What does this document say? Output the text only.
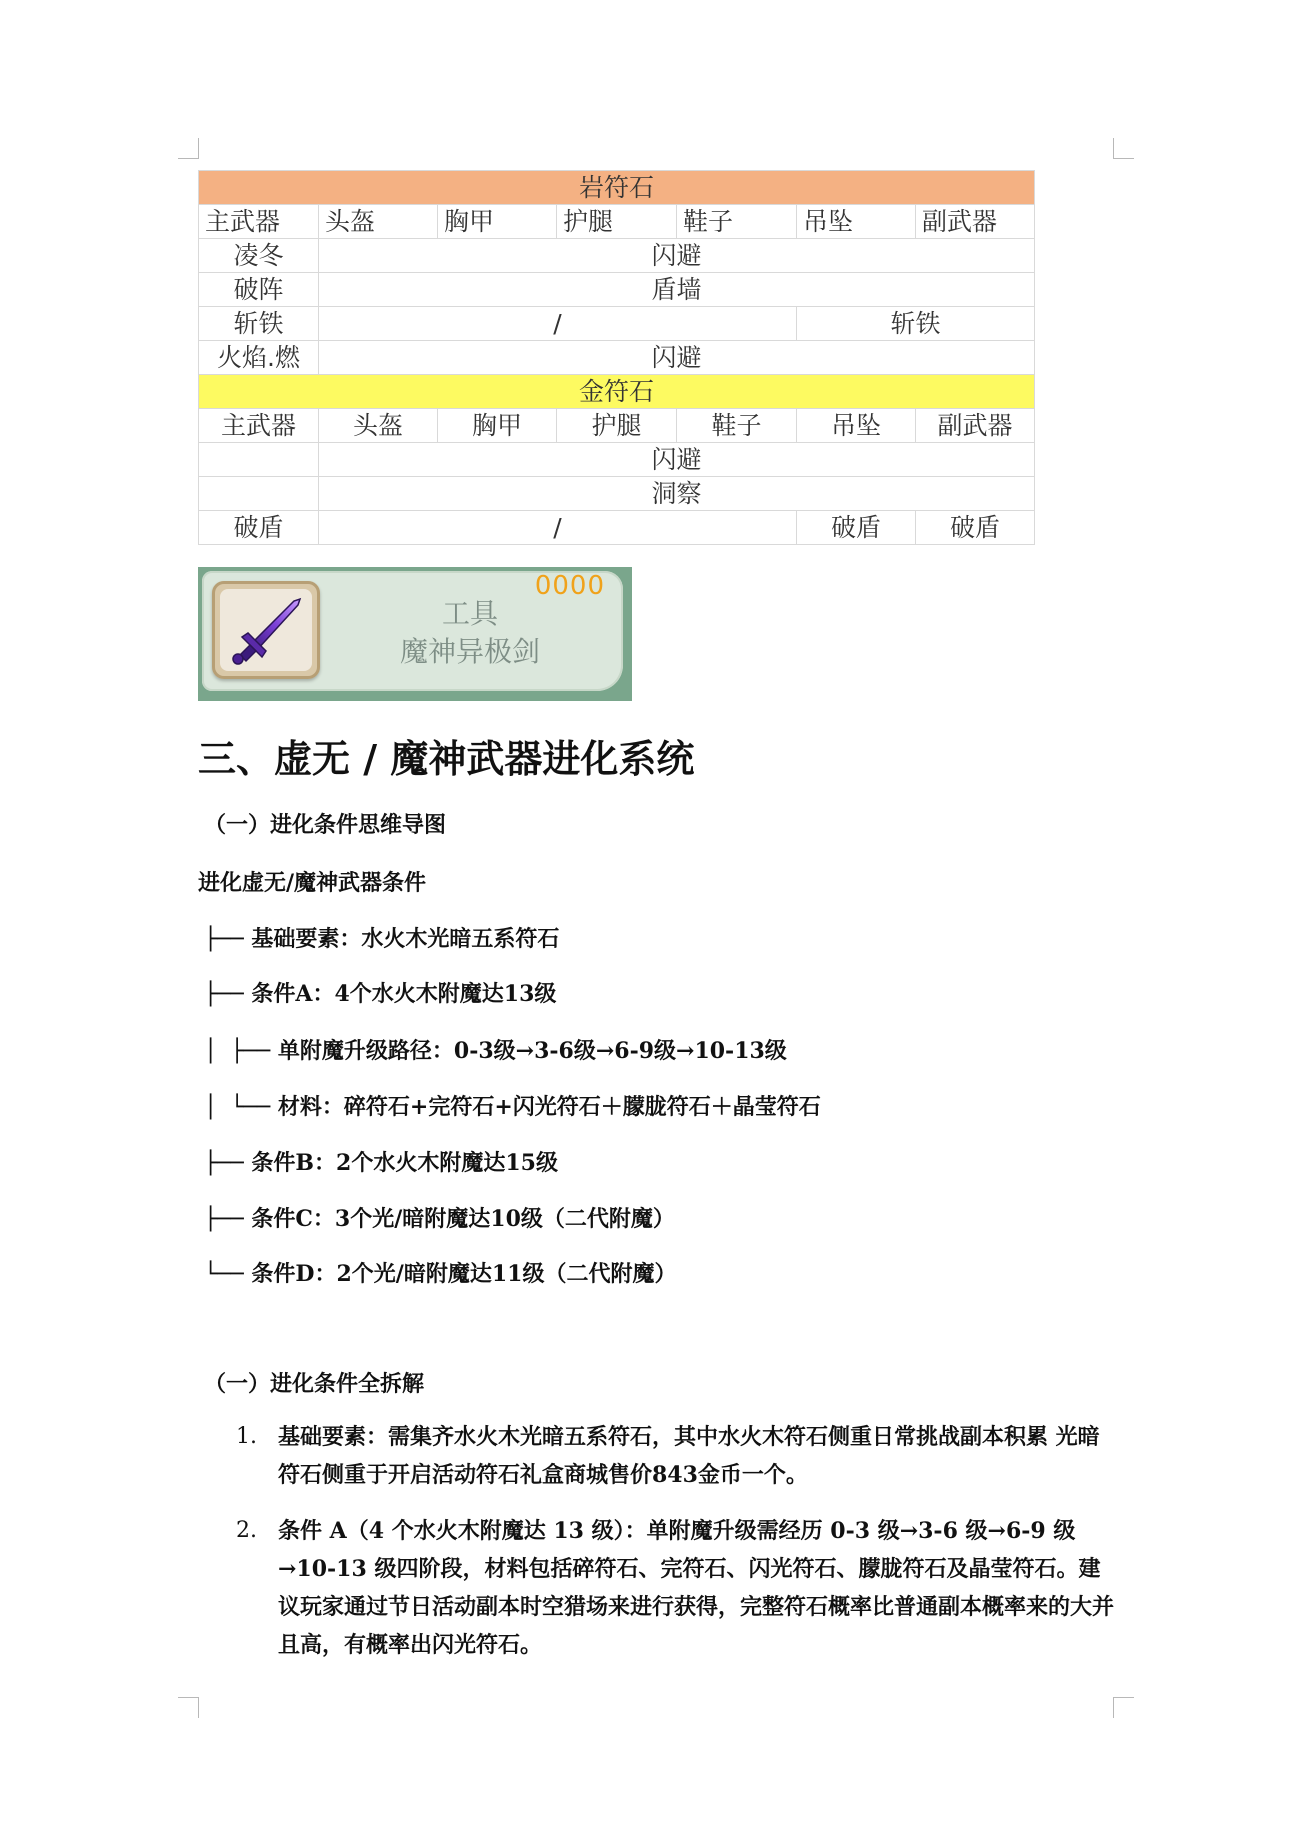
岩符石						
主武器	头盔	胸甲	护腿	鞋子	吊坠	副武器
凌冬	闪避					
破阵	盾墙					
斩铁	/				斩铁	
火焰.燃	闪避					
金符石						
主武器	头盔	胸甲	护腿	鞋子	吊坠	副武器
	闪避					
	洞察					
破盾	/				破盾	破盾
0000
工具
魔神异极剑
三、虚无 / 魔神武器进化系统
（一）进化条件思维导图
进化虚无/魔神武器条件
├── 基础要素：水火木光暗五系符石
├── 条件A：4个水火木附魔达13级
│ ├── 单附魔升级路径：0-3级→3-6级→6-9级→10-13级
│ └── 材料：碎符石+完符石+闪光符石＋朦胧符石＋晶莹符石
├── 条件B：2个水火木附魔达15级
├── 条件C：3个光/暗附魔达10级（二代附魔）
└── 条件D：2个光/暗附魔达11级（二代附魔）
（一）进化条件全拆解
1. 基础要素：需集齐水火木光暗五系符石，其中水火木符石侧重日常挑战副本积累 光暗符石侧重于开启活动符石礼盒商城售价843金币一个。
2. 条件 A（4 个水火木附魔达 13 级）：单附魔升级需经历 0-3 级→3-6 级→6-9 级→10-13 级四阶段，材料包括碎符石、完符石、闪光符石、朦胧符石及晶莹符石。建议玩家通过节日活动副本时空猎场来进行获得，完整符石概率比普通副本概率来的大并且高，有概率出闪光符石。
